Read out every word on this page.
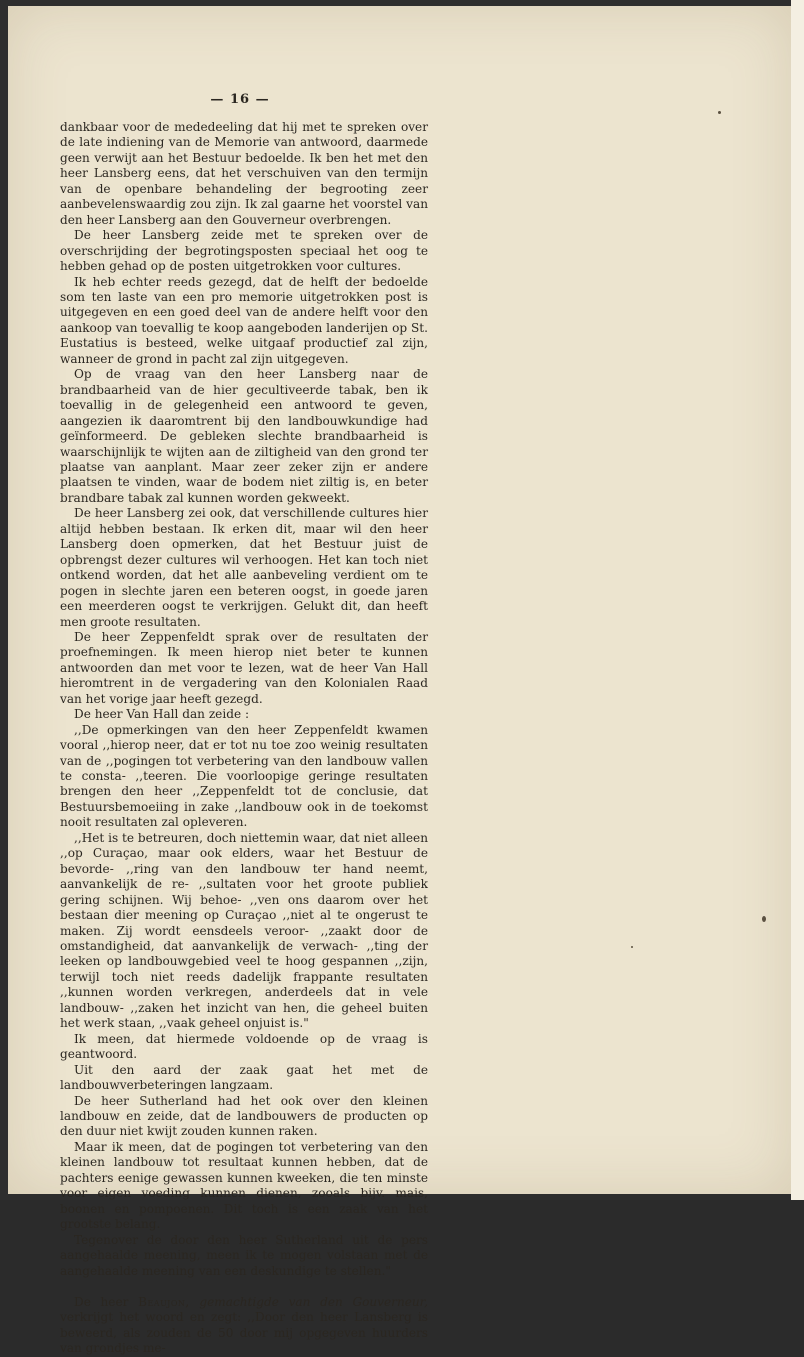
— 16 —

dankbaar voor de mededeeling dat hij met te spreken over de late indiening van de Memorie van antwoord, daarmede geen verwijt aan het Bestuur bedoelde. Ik ben het met den heer Lansberg eens, dat het verschuiven van den termijn van de openbare behandeling der begrooting zeer aanbevelenswaardig zou zijn. Ik zal gaarne het voorstel van den heer Lansberg aan den Gouverneur overbrengen.

De heer Lansberg zeide met te spreken over de overschrijding der begrotingsposten speciaal het oog te hebben gehad op de posten uitgetrokken voor cultures.

Ik heb echter reeds gezegd, dat de helft der bedoelde som ten laste van een pro memorie uitgetrokken post is uitgegeven en een goed deel van de andere helft voor den aankoop van toevallig te koop aangeboden landerijen op St. Eustatius is besteed, welke uitgaaf productief zal zijn, wanneer de grond in pacht zal zijn uitgegeven.

Op de vraag van den heer Lansberg naar de brandbaarheid van de hier gecultiveerde tabak, ben ik toevallig in de gelegenheid een antwoord te geven, aangezien ik daaromtrent bij den landbouwkundige had geïnformeerd. De gebleken slechte brandbaarheid is waarschijnlijk te wijten aan de ziltigheid van den grond ter plaatse van aanplant. Maar zeer zeker zijn er andere plaatsen te vinden, waar de bodem niet ziltig is, en beter brandbare tabak zal kunnen worden gekweekt.

De heer Lansberg zei ook, dat verschillende cultures hier altijd hebben bestaan. Ik erken dit, maar wil den heer Lansberg doen opmerken, dat het Bestuur juist de opbrengst dezer cultures wil verhoogen. Het kan toch niet ontkend worden, dat het alle aanbeveling verdient om te pogen in slechte jaren een beteren oogst, in goede jaren een meerderen oogst te verkrijgen. Gelukt dit, dan heeft men groote resultaten.

De heer Zeppenfeldt sprak over de resultaten der proefnemingen. Ik meen hierop niet beter te kunnen antwoorden dan met voor te lezen, wat de heer Van Hall hieromtrent in de vergadering van den Kolonialen Raad van het vorige jaar heeft gezegd.

De heer Van Hall dan zeide :

,,De opmerkingen van den heer Zeppenfeldt kwamen vooral ,,hierop neer, dat er tot nu toe zoo weinig resultaten van de ,,pogingen tot verbetering van den landbouw vallen te consta- ,,teeren. Die voorloopige geringe resultaten brengen den heer ,,Zeppenfeldt tot de conclusie, dat Bestuursbemoeiing in zake ,,landbouw ook in de toekomst nooit resultaten zal opleveren.

,,Het is te betreuren, doch niettemin waar, dat niet alleen ,,op Curaçao, maar ook elders, waar het Bestuur de bevorde- ,,ring van den landbouw ter hand neemt, aanvankelijk de re- ,,sultaten voor het groote publiek gering schijnen. Wij behoe- ,,ven ons daarom over het bestaan dier meening op Curaçao ,,niet al te ongerust te maken. Zij wordt eensdeels veroor- ,,zaakt door de omstandigheid, dat aanvankelijk de verwach- ,,ting der leeken op landbouwgebied veel te hoog gespannen ,,zijn, terwijl toch niet reeds dadelijk frappante resultaten ,,kunnen worden verkregen, anderdeels dat in vele landbouw- ,,zaken het inzicht van hen, die geheel buiten het werk staan, ,,vaak geheel onjuist is."

Ik meen, dat hiermede voldoende op de vraag is geantwoord.

Uit den aard der zaak gaat het met de landbouwverbeteringen langzaam.

De heer Sutherland had het ook over den kleinen landbouw en zeide, dat de landbouwers de producten op den duur niet kwijt zouden kunnen raken.

Maar ik meen, dat de pogingen tot verbetering van den kleinen landbouw tot resultaat kunnen hebben, dat de pachters eenige gewassen kunnen kweeken, die ten minste voor eigen voeding kunnen dienen, zooals bijv. mais, boonen en pompoenen. Dit toch is een zaak van het grootste belang.

Tegenover de door den heer Sutherland uit de pers aangehaalde meening, meen ik te mogen volstaan met de aangehaalde meening van een deskundige te stellen."

De heer Beaujon, gemachtigde van den Gouverneur, verkrijgt het woord en zegt: ,,Door den heer Lansberg is beweerd, als zouden de 50 door mij opgegeven huurders van grondjes me-
